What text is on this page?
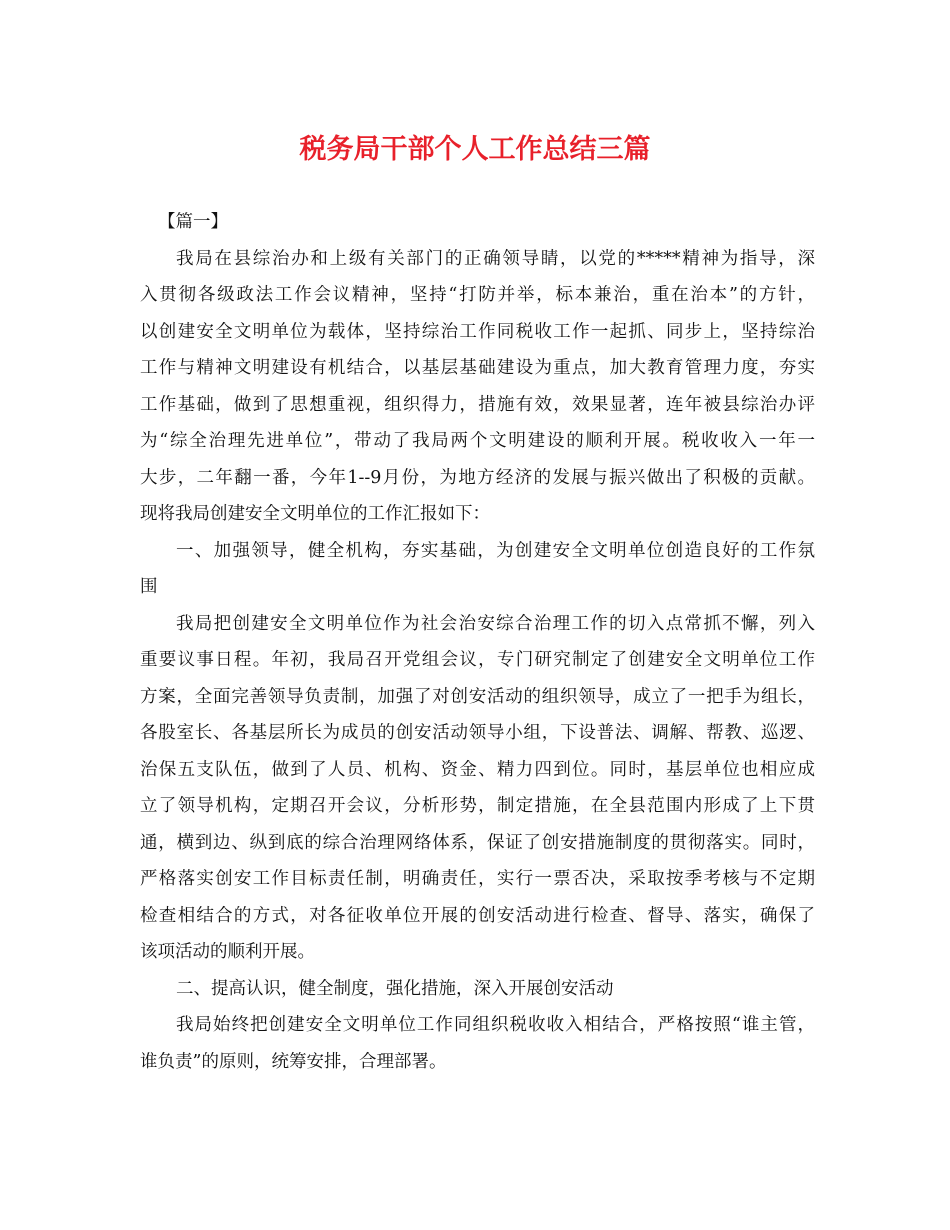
税务局干部个人工作总结三篇
【篇一】
我局在县综治办和上级有关部门的正确领导睛，以党的*****精神为指导，深
入贯彻各级政法工作会议精神，坚持“打防并举，标本兼治，重在治本”的方针，
以创建安全文明单位为载体，坚持综治工作同税收工作一起抓、同步上，坚持综治
工作与精神文明建设有机结合，以基层基础建设为重点，加大教育管理力度，夯实
工作基础，做到了思想重视，组织得力，措施有效，效果显著，连年被县综治办评
为“综全治理先进单位”，带动了我局两个文明建设的顺利开展。税收收入一年一
大步，二年翻一番，今年1--9月份，为地方经济的发展与振兴做出了积极的贡献。
现将我局创建安全文明单位的工作汇报如下：
一、加强领导，健全机构，夯实基础，为创建安全文明单位创造良好的工作氛
围
我局把创建安全文明单位作为社会治安综合治理工作的切入点常抓不懈，列入
重要议事日程。年初，我局召开党组会议，专门研究制定了创建安全文明单位工作
方案，全面完善领导负责制，加强了对创安活动的组织领导，成立了一把手为组长，
各股室长、各基层所长为成员的创安活动领导小组，下设普法、调解、帮教、巡逻、
治保五支队伍，做到了人员、机构、资金、精力四到位。同时，基层单位也相应成
立了领导机构，定期召开会议，分析形势，制定措施，在全县范围内形成了上下贯
通，横到边、纵到底的综合治理网络体系，保证了创安措施制度的贯彻落实。同时，
严格落实创安工作目标责任制，明确责任，实行一票否决，采取按季考核与不定期
检查相结合的方式，对各征收单位开展的创安活动进行检查、督导、落实，确保了
该项活动的顺利开展。
二、提高认识，健全制度，强化措施，深入开展创安活动
我局始终把创建安全文明单位工作同组织税收收入相结合，严格按照“谁主管，
谁负责”的原则，统筹安排，合理部署。
